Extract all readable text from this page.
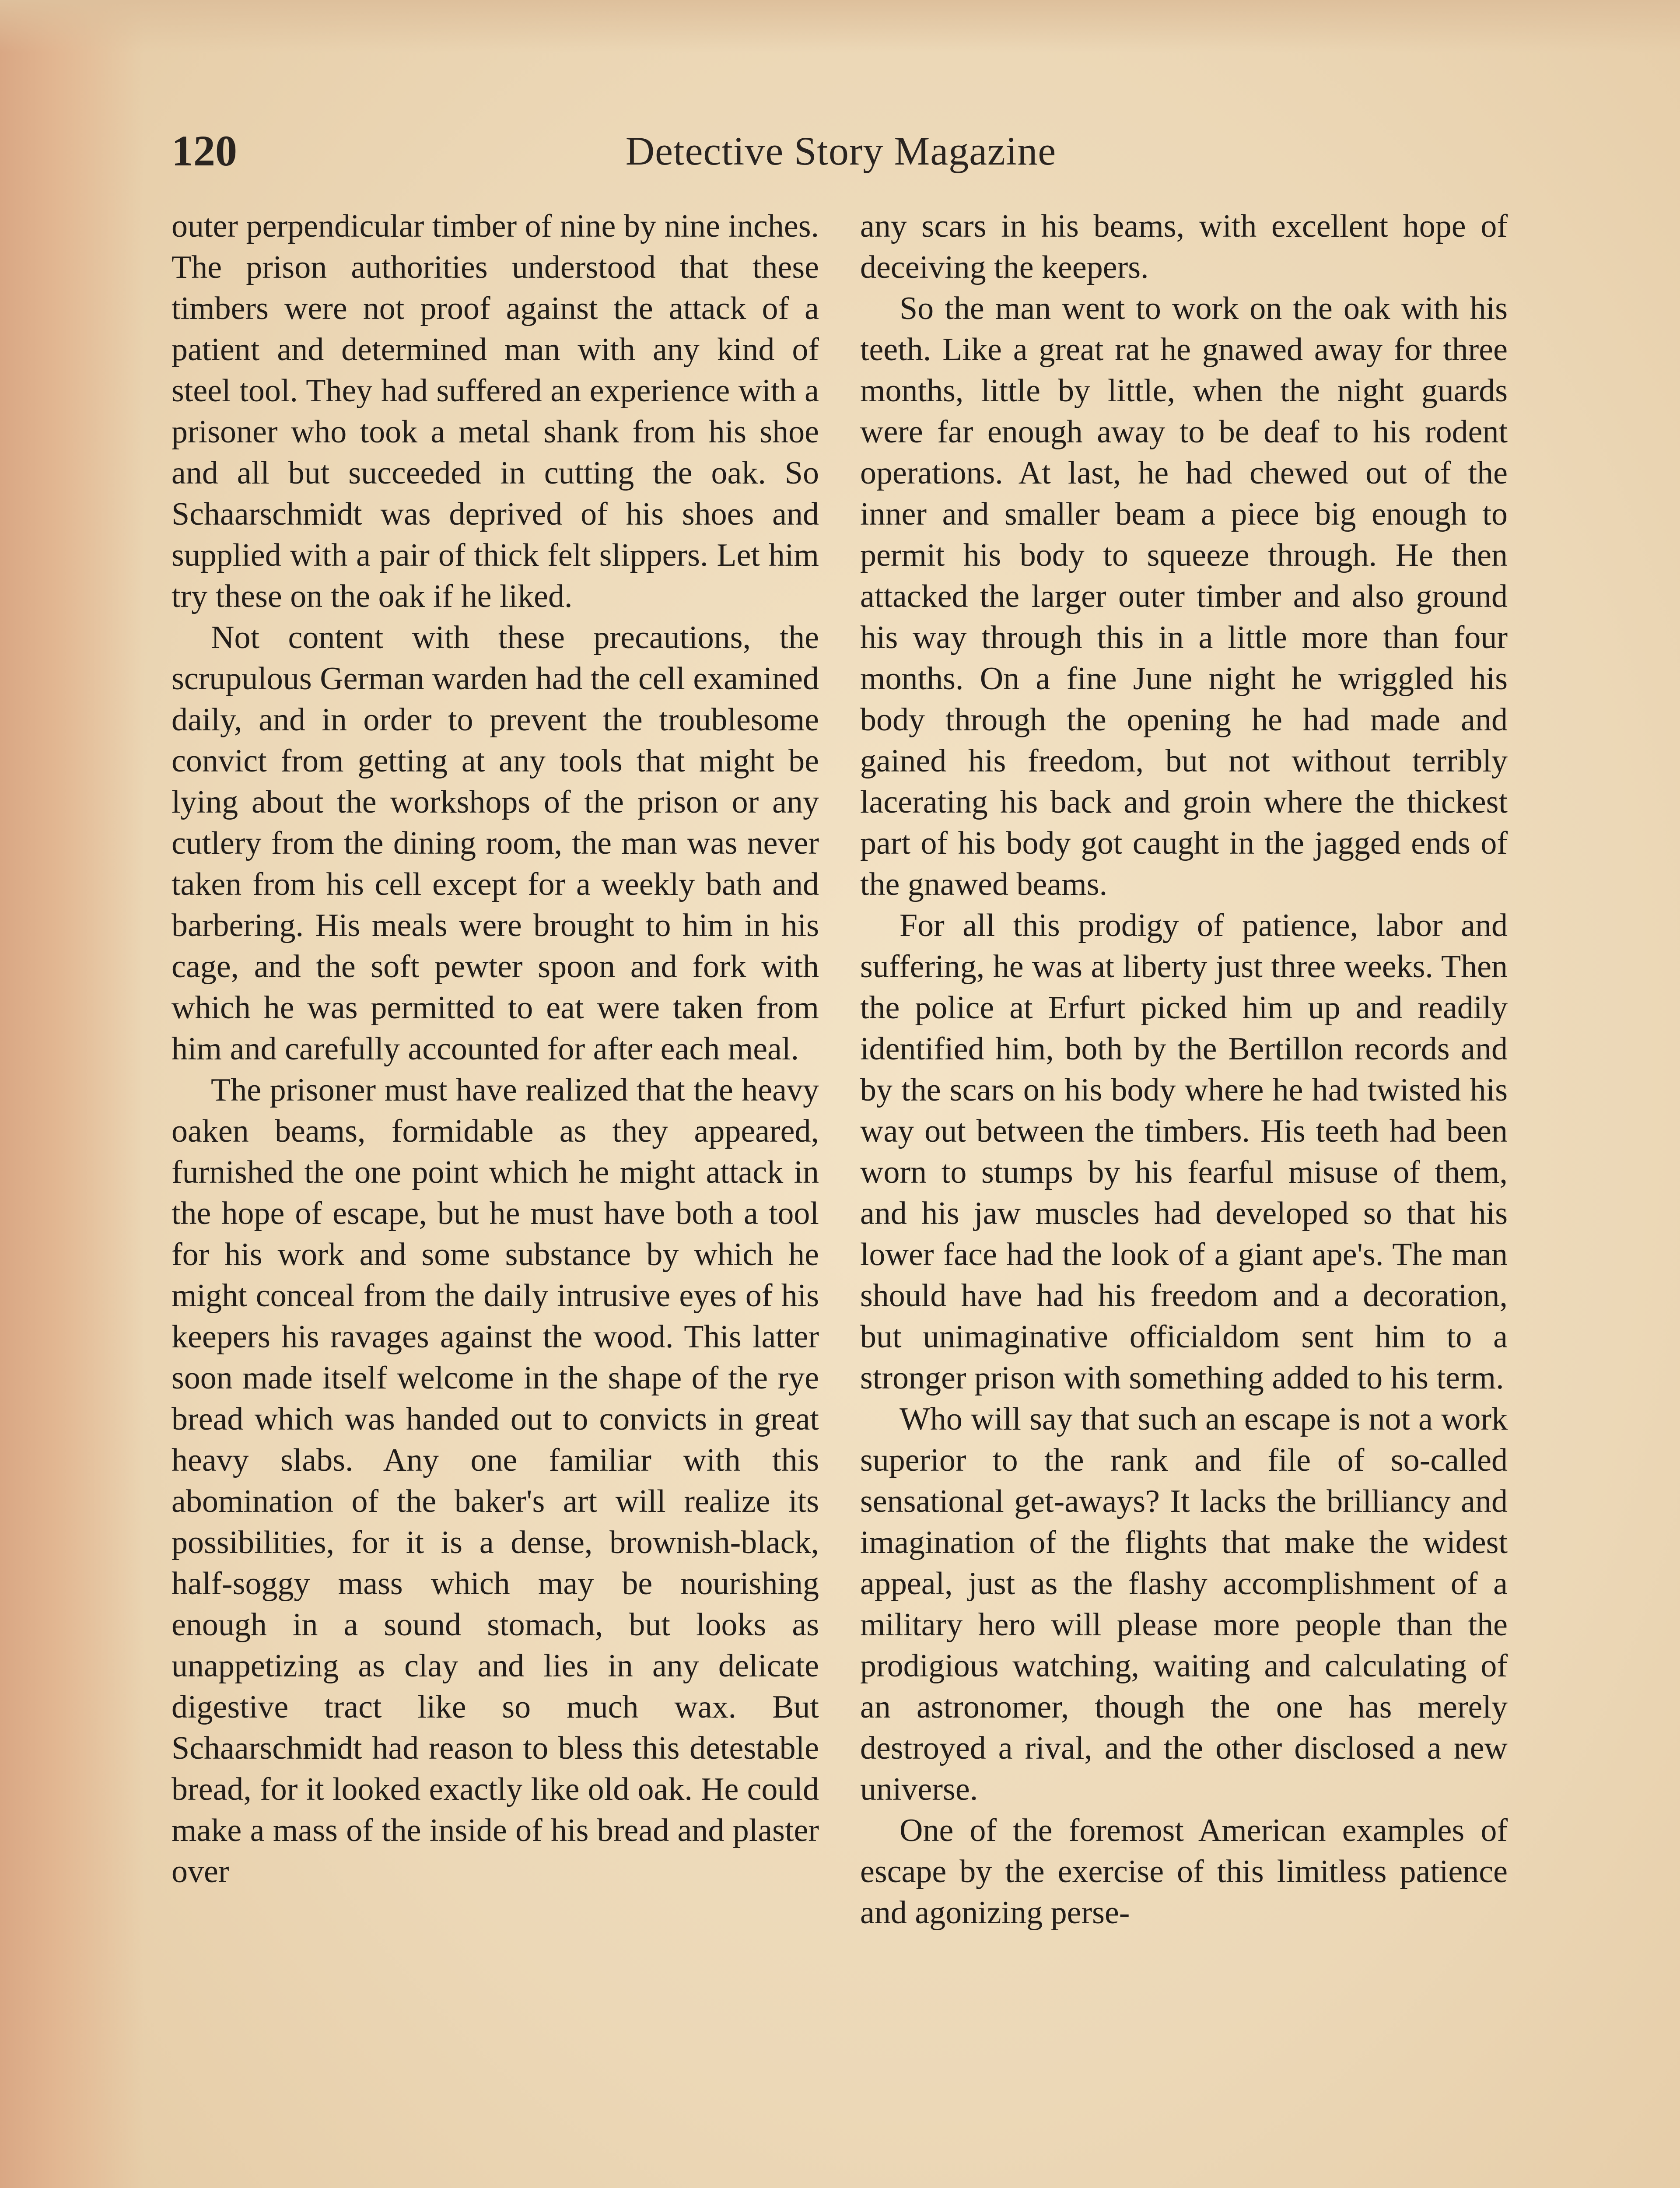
120	Detective Story Magazine

outer perpendicular timber of nine by nine inches. The prison authorities understood that these timbers were not proof against the attack of a patient and determined man with any kind of steel tool. They had suffered an experience with a prisoner who took a metal shank from his shoe and all but succeeded in cutting the oak. So Schaarschmidt was deprived of his shoes and supplied with a pair of thick felt slippers. Let him try these on the oak if he liked.

Not content with these precautions, the scrupulous German warden had the cell examined daily, and in order to prevent the troublesome convict from getting at any tools that might be lying about the workshops of the prison or any cutlery from the dining room, the man was never taken from his cell except for a weekly bath and barbering. His meals were brought to him in his cage, and the soft pewter spoon and fork with which he was permitted to eat were taken from him and carefully accounted for after each meal.

The prisoner must have realized that the heavy oaken beams, formidable as they appeared, furnished the one point which he might attack in the hope of escape, but he must have both a tool for his work and some substance by which he might conceal from the daily intrusive eyes of his keepers his ravages against the wood. This latter soon made itself welcome in the shape of the rye bread which was handed out to convicts in great heavy slabs. Any one familiar with this abomination of the baker's art will realize its possibilities, for it is a dense, brownish-black, half-soggy mass which may be nourishing enough in a sound stomach, but looks as unappetizing as clay and lies in any delicate digestive tract like so much wax. But Schaarschmidt had reason to bless this detestable bread, for it looked exactly like old oak. He could make a mass of the inside of his bread and plaster over

any scars in his beams, with excellent hope of deceiving the keepers.

So the man went to work on the oak with his teeth. Like a great rat he gnawed away for three months, little by little, when the night guards were far enough away to be deaf to his rodent operations. At last, he had chewed out of the inner and smaller beam a piece big enough to permit his body to squeeze through. He then attacked the larger outer timber and also ground his way through this in a little more than four months. On a fine June night he wriggled his body through the opening he had made and gained his freedom, but not without terribly lacerating his back and groin where the thickest part of his body got caught in the jagged ends of the gnawed beams.

For all this prodigy of patience, labor and suffering, he was at liberty just three weeks. Then the police at Erfurt picked him up and readily identified him, both by the Bertillon records and by the scars on his body where he had twisted his way out between the timbers. His teeth had been worn to stumps by his fearful misuse of them, and his jaw muscles had developed so that his lower face had the look of a giant ape's. The man should have had his freedom and a decoration, but unimaginative officialdom sent him to a stronger prison with something added to his term.

Who will say that such an escape is not a work superior to the rank and file of so-called sensational get-aways? It lacks the brilliancy and imagination of the flights that make the widest appeal, just as the flashy accomplishment of a military hero will please more people than the prodigious watching, waiting and calculating of an astronomer, though the one has merely destroyed a rival, and the other disclosed a new universe.

One of the foremost American examples of escape by the exercise of this limitless patience and agonizing perse-
